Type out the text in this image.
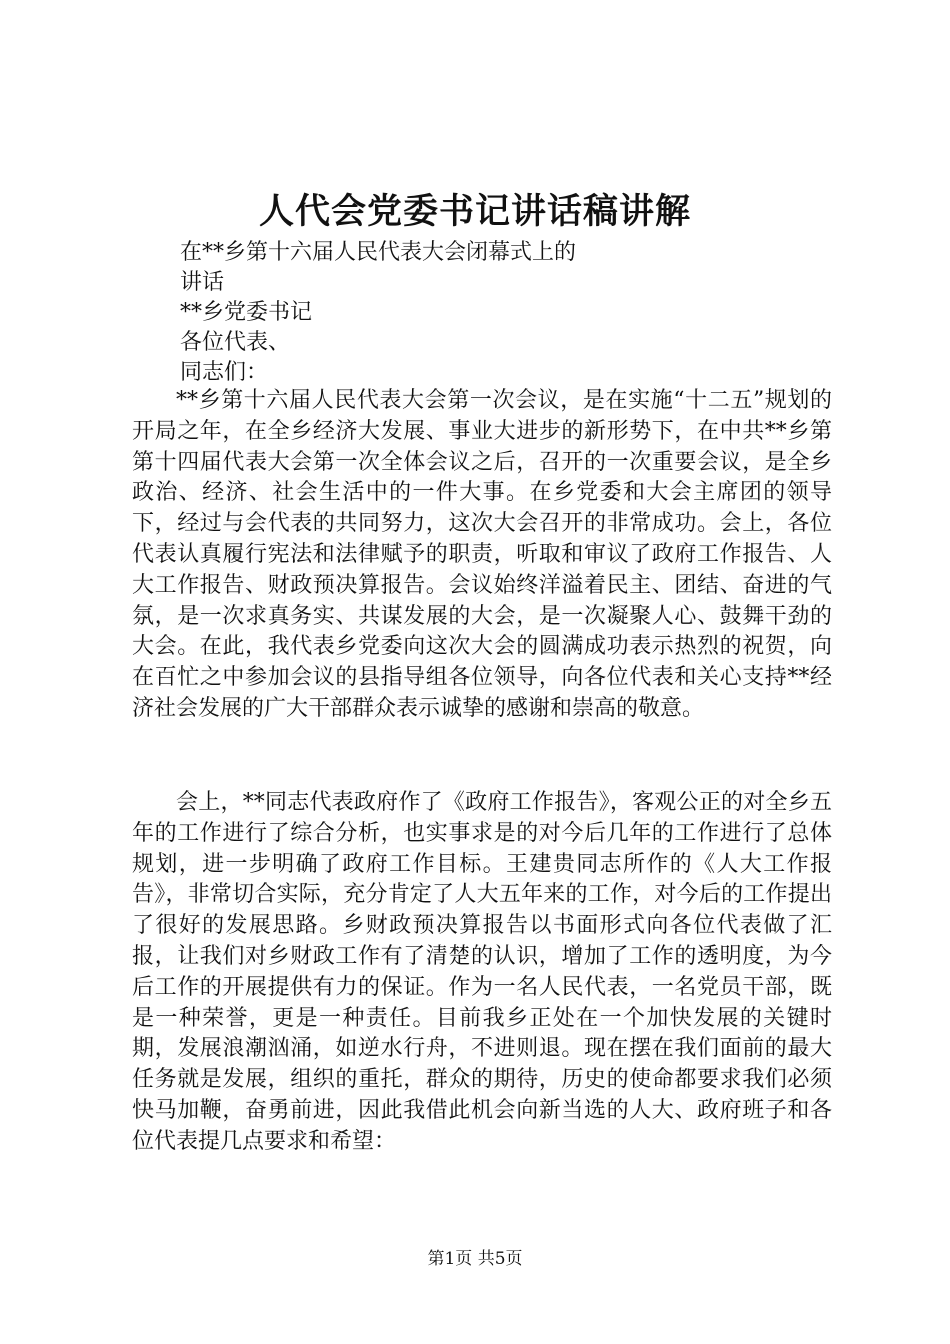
人代会党委书记讲话稿讲解

在**乡第十六届人民代表大会闭幕式上的

讲话

**乡党委书记

各位代表、

同志们：

**乡第十六届人民代表大会第一次会议，是在实施“十二五”规划的开局之年，在全乡经济大发展、事业大进步的新形势下，在中共**乡第第十四届代表大会第一次全体会议之后，召开的一次重要会议，是全乡政治、经济、社会生活中的一件大事。在乡党委和大会主席团的领导下，经过与会代表的共同努力，这次大会召开的非常成功。会上，各位代表认真履行宪法和法律赋予的职责，听取和审议了政府工作报告、人大工作报告、财政预决算报告。会议始终洋溢着民主、团结、奋进的气氛，是一次求真务实、共谋发展的大会，是一次凝聚人心、鼓舞干劲的大会。在此，我代表乡党委向这次大会的圆满成功表示热烈的祝贺，向在百忙之中参加会议的县指导组各位领导，向各位代表和关心支持**经济社会发展的广大干部群众表示诚挚的感谢和崇高的敬意。

会上，**同志代表政府作了《政府工作报告》，客观公正的对全乡五年的工作进行了综合分析，也实事求是的对今后几年的工作进行了总体规划，进一步明确了政府工作目标。王建贵同志所作的《人大工作报告》，非常切合实际，充分肯定了人大五年来的工作，对今后的工作提出了很好的发展思路。乡财政预决算报告以书面形式向各位代表做了汇报，让我们对乡财政工作有了清楚的认识，增加了工作的透明度，为今后工作的开展提供有力的保证。作为一名人民代表，一名党员干部，既是一种荣誉，更是一种责任。目前我乡正处在一个加快发展的关键时期，发展浪潮汹涌，如逆水行舟，不进则退。现在摆在我们面前的最大任务就是发展，组织的重托，群众的期待，历史的使命都要求我们必须快马加鞭，奋勇前进，因此我借此机会向新当选的人大、政府班子和各位代表提几点要求和希望：

第1页 共5页
